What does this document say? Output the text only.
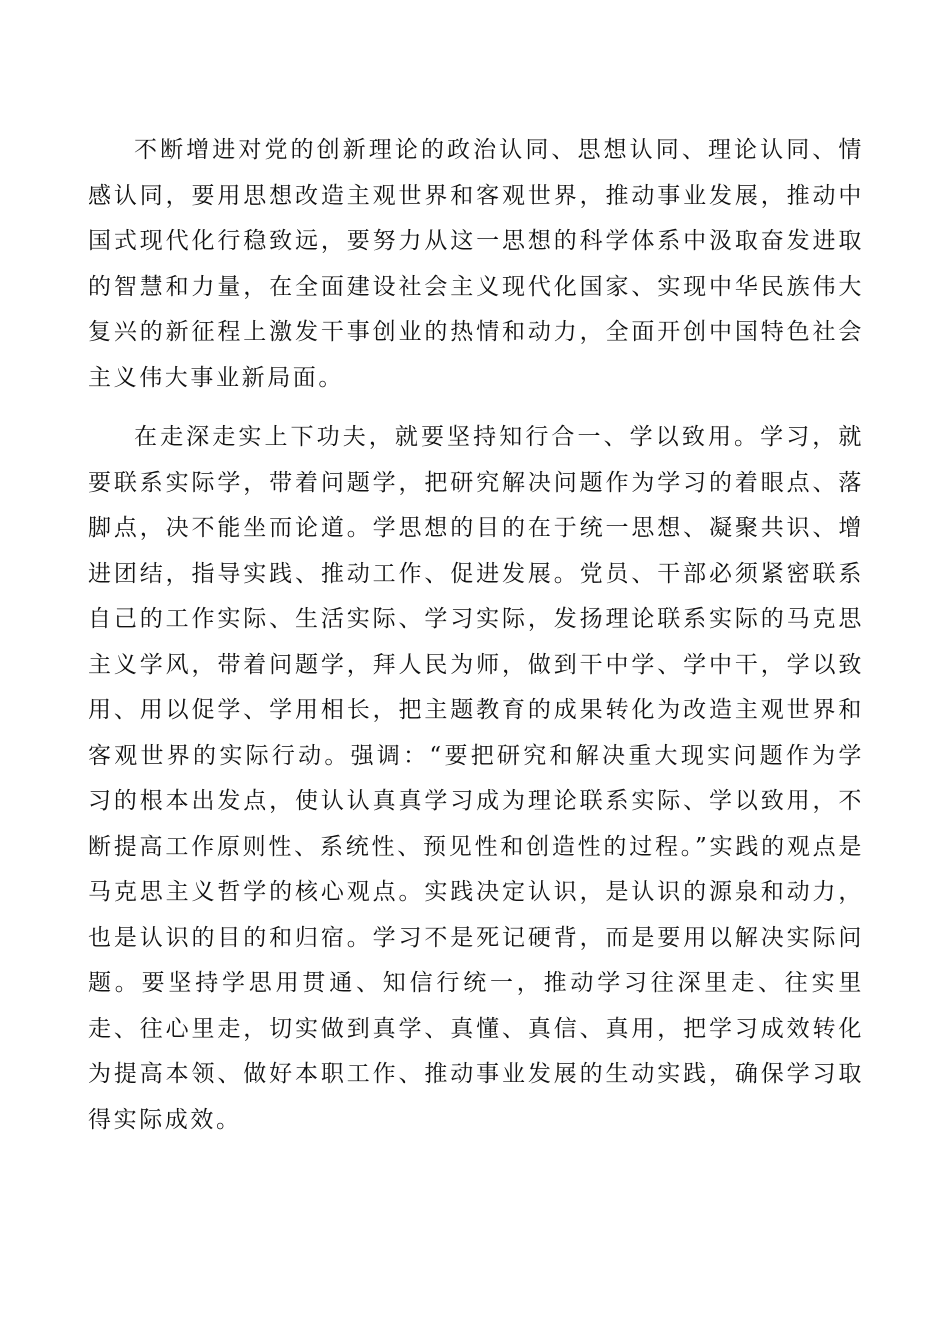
不断增进对党的创新理论的政治认同、思想认同、理论认同、情感认同，要用思想改造主观世界和客观世界，推动事业发展，推动中国式现代化行稳致远，要努力从这一思想的科学体系中汲取奋发进取的智慧和力量，在全面建设社会主义现代化国家、实现中华民族伟大复兴的新征程上激发干事创业的热情和动力，全面开创中国特色社会主义伟大事业新局面。

在走深走实上下功夫，就要坚持知行合一、学以致用。学习，就要联系实际学，带着问题学，把研究解决问题作为学习的着眼点、落脚点，决不能坐而论道。学思想的目的在于统一思想、凝聚共识、增进团结，指导实践、推动工作、促进发展。党员、干部必须紧密联系自己的工作实际、生活实际、学习实际，发扬理论联系实际的马克思主义学风，带着问题学，拜人民为师，做到干中学、学中干，学以致用、用以促学、学用相长，把主题教育的成果转化为改造主观世界和客观世界的实际行动。强调：“要把研究和解决重大现实问题作为学习的根本出发点，使认认真真学习成为理论联系实际、学以致用，不断提高工作原则性、系统性、预见性和创造性的过程。”实践的观点是马克思主义哲学的核心观点。实践决定认识，是认识的源泉和动力，也是认识的目的和归宿。学习不是死记硬背，而是要用以解决实际问题。要坚持学思用贯通、知信行统一，推动学习往深里走、往实里走、往心里走，切实做到真学、真懂、真信、真用，把学习成效转化为提高本领、做好本职工作、推动事业发展的生动实践，确保学习取得实际成效。
